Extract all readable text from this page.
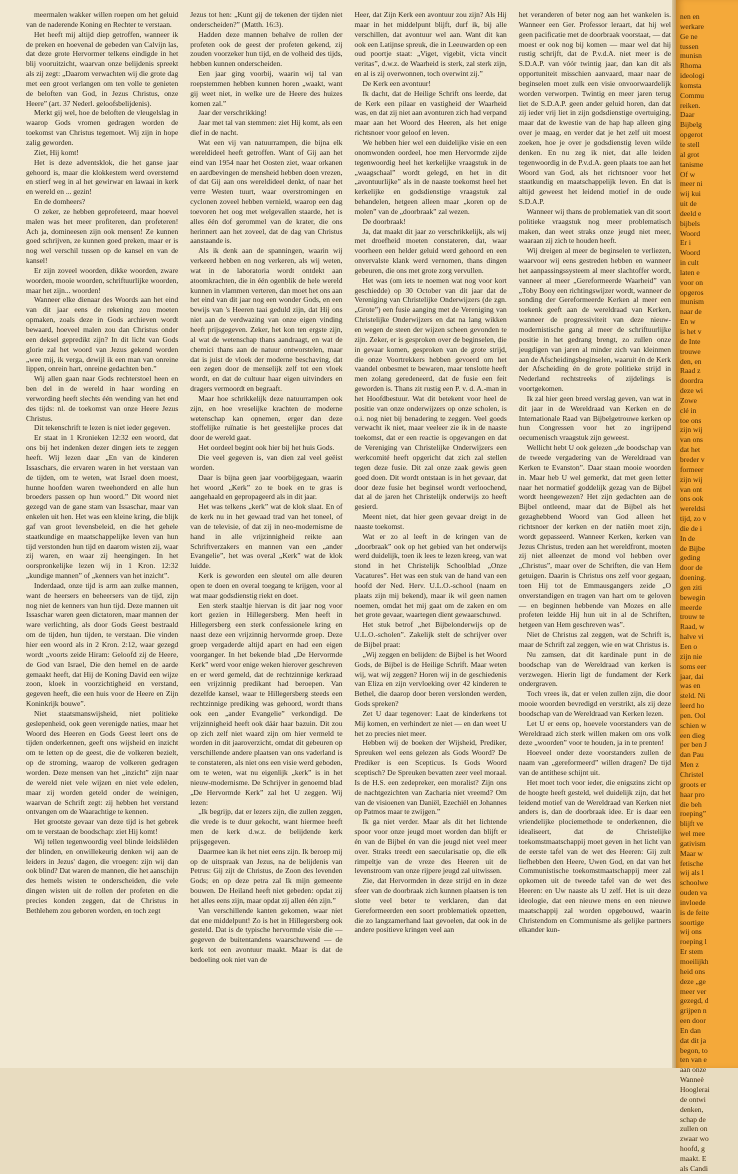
meermalen wakker willen roepen om het geluid van de naderende Koning en Rechter te verstaan.

Het heeft mij altijd diep getroffen, wanneer ik de preken en hoevenal de gebeden van Calvijn las, dat deze grote Hervormer telkens eindigde in het blij vooruitzicht, waarvan onze belijdenis spreekt als zij zegt: „Daarom verwachten wij die grote dag met een groot verlangen om ten volle te genieten de beloften van God, in Jezus Christus, onze Heere” (art. 37 Nederl. geloofsbelijdenis).

Merkt gij wel, hoe de beloften de vleugelslag in waarop Gods vromen gedragen worden de toekomst van Christus tegemoet. Wij zijn in hope zalig geworden.

Ziet, Hij komt!

Het is deze adventsklok, die het ganse jaar gehoord is, maar die klokkestem werd overstemd en stierf weg in al het gewirwar en lawaai in kerk en wereld en ... gezin!

En de domheers?

O zeker, ze hebben geprofeteerd, maar hoevel malen was het meer profiteren, dan profeteren! Ach ja, domineesen zijn ook mensen! Ze kunnen goed schrijven, ze kunnen goed preken, maar er is nog wel verschil tussen op de kansel en van de kansel!

Er zijn zoveel woorden, dikke woorden, zware woorden, mooie woorden, schriftuurlijke woorden, maar het zijn... woorden!

Wanneer elke dienaar des Woords aan het eind van dit jaar eens de rekening zou moeten opmaken, zoals deze in Gods archieven wordt bewaard, hoeveel malen zou dan Christus onder een deksel gepredikt zijn? In dit licht van Gods glorie zal het woord van Jezus gekend worden „wee mij, ik verga, dewijl ik een man van onreine lippen, onrein hart, onreine gedachten ben.”

Wij allen gaan naar Gods rechterstoel heen en ben del in de wereld in haar wording en verwording heeft slechts één wending van het end des tijds: nl. de toekomst van onze Heere Jezus Christus.

Dit tekenschrift te lezen is niet ieder gegeven.

Er staat in 1 Kronieken 12:32 een woord, dat ons bij het indenken dezer dingen iets te zeggen heeft. Wij lezen daar „En van de kinderen Issaschars, die ervaren waren in het verstaan van de tijden, om te weten, wat Israel doen moest, hunne hoofden waren tweehonderd en alle hun broeders passen op hun woord.” Dit woord niet gezegd van de gane stam van Issaschar, maar van enkelen uit hen. Het was een kleine kring, die blijk gaf van groot levensbeleid, en die het gehele staatkundige en maatschappelijke leven van hun tijd verstonden hun tijd en daarom wisten zij, waar zij waren, en waar zij heengingen. In het oorspronkelijke lezen wij in 1 Kron. 12:32 „kundige mannen” of „kenners van het inzicht”.

Inderdaad, onze tijd is arm aan zulke mannen, want de heersers en beheersers van de tijd, zijn nog niet de kenners van hun tijd. Deze mannen uit Issaschar waren geen dictatoren, maar mannen der ware verlichting, als door Gods Geest bestraald om de tijden, hun tijden, te verstaan. Die vinden hier een woord als in 2 Kron. 2:12, waar gezegd wordt „voorts zeide Hiram: Geloofd zij de Heere, de God van Israel, Die den hemel en de aarde gemaakt heeft, dat Hij de Koning David een wijze zoon, kloek in voorzichtigheid en verstand, gegeven heeft, die een huis voor de Heere en Zijn Koninkrijk bouwe”.

Niet staatsmanswijsheid, niet politieke geslepenheid, ook geen verenigde naties, maar het Woord des Heeren en Gods Geest leert ons de tijden onderkennen, geeft ons wijsheid en inzicht om te letten op de geest, die de volkeren bezielt, op de stroming, waarop de volkeren gedragen worden. Deze mensen van het „inzicht” zijn naar de wereld niet vele wijzen en niet vele edelen, maar zij worden geteld onder de weinigen, waarvan de Schrift zegt: zij hebben het verstand ontvangen om de Waarachtige te kennen.

Het grootste gevaar van deze tijd is het gebrek om te verstaan de boodschap: ziet Hij komt!

Wij tellen tegenwoordig veel blinde leidsliëden der blinden, en onwillekeurig denken wij aan de leiders in Jezus' dagen, die vroegen: zijn wij dan ook blind? Dat waren de mannen, die het aanschijn des hemels wisten te onderscheiden, die vele dingen wisten uit de rollen der profeten en die precies konden zeggen, dat de Christus in Bethlehem zou geboren worden, en toch zegt

Jezus tot hen: „Kunt gij de tekenen der tijden niet onderscheiden?” (Matth. 16:3).

Hadden deze mannen behalve de rollen der profeten ook de geest der profeten gekend, zij zouden voorzeker hun tijd, en de volheid des tijds, hebben kunnen onderscheiden.

Een jaar ging voorbij, waarin wij tal van roepstemmen hebben kunnen horen „waakt, want gij weet niet, in welke ure de Heere des huizes komen zal.”

Jaar der verschrikking!

Jaar met tal van stemmen: ziet Hij komt, als een dief in de nacht.

Wat een vij van natuurrampen, die bijna elk wereldideel heeft getroffen. Want of Gij aan het eind van 1954 naar het Oosten ziet, waar orkanen en aardbevingen de mensheid hebben doen vrezen, of dat Gij aan ons wereldideel denkt, of naar het verre Westen tuurt, waar overstromingen en cyclonen zoveel hebben vernield, waarop een dag toevoren het oog met welgevallen staarde, het is alles één dof gerommel van de krater, die ons herinnert aan het zoveel, dat de dag van Christus aanstaande is.

Als ik denk aan de spanningen, waarin wij verkeerd hebben en nog verkeren, als wij weten, wat in de laboratoria wordt ontdekt aan atoomkrachten, die in één ogenblik de hele wereld kunnen in vlammen verteren, dan moet het ons aan het eind van dit jaar nog een wonder Gods, en een bewijs van 's Heeren taai geduld zijn, dat Hij ons niet aan de verdwazing van onze eigen vinding heeft prijsgegeven. Zeker, het kon ten ergste zijn, al wat de wetenschap thans aandraagt, en wat de chemici thans aan de natuur ontworstelen, maar dat is juist de vloek der moderne beschaving, dat een zegen door de menselijk zelf tot een vloek wordt, en dat de cultuur haar eigen uitvinders en dragers vermoordt en begraaft.

Maar hoe schrikkelijk deze natuurrampen ook zijn, en hoe vreselijke krachten de moderne wetenschap kan opnemen, erger dan deze stoffelijke ruïnatie is het geestelijke proces dat door de wereld gaat.

Het oordeel begint ook hier bij het huis Gods.

Die veel gegeven is, van dien zal veel geëist worden.

Daar is bijna geen jaar voorbijgegaan, waarin het woord „Kerk” zo te boek en te gras is aangehaald en gepropageerd als in dit jaar.

Het was telkens „kerk” wat de klok slaat. En of de kerk nu in het gewaad trad van het toneel, of van de televisie, of dat zij in neo-modernisme de hand in alle vrijzinnigheid reikte aan Schriftverzakers en mannen van een „ander Evangelie”, het was overal „Kerk” wat de klok luidde.

Kerk is geworden een sleutel om alle deuren open te doen en overal toegang te krijgen, voor al wat maar godsdienstig riekt en doet.

Een sterk staaltje hiervan is dit jaar nog voor kort gezien in Hillegersberg. Men heeft in Hillegersberg een sterk confessionele kring en naast deze een vrijzinnig hervormde groep. Deze groep vergaderde altijd apart en had een eigen voorganger. In het bekende blad „De Hervormde Kerk” werd voor enige weken hierover geschreven en er werd gemeld, dat de rechtzinnige kerkraad een vrijzinnig predikant had beroepen. Van dezelfde kansel, waar te Hillegersberg steeds een rechtzinnige prediking was gehoord, wordt thans ook een „ander Evangelie” verkondigd. De vrijzinnigheid heeft ook dáár haar bazuin. Dit zou op zich zelf niet waard zijn om hier vermeld te worden in dit jaaroverzicht, omdat dit gebeuren op verschillende andere plaatsen van ons vaderland is te constateren, als niet ons een visie werd geboden, om te weten, wat nu eigenlijk „kerk” is in het nieuw-modernisme. De Schrijver in genoemd blad „De Hervormde Kerk” zal het U zeggen. Wij lezen:

„Ik begrijp, dat er lezers zijn, die zullen zeggen, die vrede is te duur gekocht, want hiermee heeft men de kerk d.w.z. de belijdende kerk prijsgegeven.

Daarmee kan ik het niet eens zijn. Ik beroep mij op de uitspraak van Jezus, na de belijdenis van Petrus: Gij zijt de Christus, de Zoon des levenden Gods; en op deze petra zal Ik mijn gemeente bouwen. De Heiland heeft niet gebeden: opdat zij het alles eens zijn, maar opdat zij allen één zijn.”

Van verschillende kanten gekomen, waar niet dat ene middelpunt! Zo is het in Hillegersberg ook gesteld. Dat is de typische hervormde visie die — gegeven de buitentandens waarschuwend — de kerk tot een avontuur maakt. Maar is dat de bedoeling ook niet van de

Heer, dat Zijn Kerk een avontuur zou zijn? Als Hij maar in het middelpunt blijft, durf ik, bij alle verschillen, dat avontuur wel aan. Want dit kan ook een Latijnse spreuk, die in Leeuwarden op een oud poortje staat: „Viget, vigebit, victa vincit veritas”, d.w.z. de Waarheid is sterk, zal sterk zijn, en al is zij overwonnen, toch overwint zij.”

De Kerk een avontuur!

Ik dacht, dat de Heilige Schrift ons leerde, dat de Kerk een pilaar en vastigheid der Waarheid was, en dat zij niet aan avonturen zich had verpand maar aan het Woord des Heeren, als het enige richtsnoer voor geloof en leven.

We hebben hier wel een duidelijke visie en een onomwonden oordeel, hoe men Hervormde zijde tegenwoordig heel het kerkelijke vraagstuk in de „waagschaal” wordt gelegd, en het in dit „avontuurlijke” als in de naaste toekomst heel het kerkelijke en godsdienstige vraagstuk zal behandelen, hetgeen alleen maar „koren op de molen” van de „doorbraak” zal wezen.

De doorbraak!

Ja, dat maakt dit jaar zo verschrikkelijk, als wij met droefheid moeten constateren, dat, waar voorheen een helder geluid werd gehoord en een onvervalste klank werd vernomen, thans dingen gebeuren, die ons met grote zorg vervullen.

Het was (om iets te noemen wat nog voor kort geschiedde) op 30 October van dit jaar dat de Vereniging van Christelijke Onderwijzers (de zgn. „Grote”) een fusie aanging met de Vereniging van Christelijke Onderwijzers en dat na lang wikken en wegen de steen der wijzen scheen gevonden te zijn. Zeker, er is gesproken over de beginselen, die in gevaar komen, gesproken van de grote strijd, die onze Voortrekkers hebben gevoerd om het vaandel onbesmet te bewaren, maar tenslotte heeft men zolang geredeneerd, dat de fusie een feit geworden is. Thans zit rustig een P. v. d. A.-man in het Hoofdbestuur. Wat dit betekent voor heel de positie van onze onderwijzers op onze scholen, is o.i. nog niet bij benadering te zeggen. Veel goeds verwacht ik niet, maar veeleer zie ik in de naaste toekomst, dat er een reactie is opgevangen en dat de Vereniging van Christelijke Onderwijzers een werkcomité heeft opgericht dat zich zal stellen tegen deze fusie. Dit zal onze zaak gewis geen goed doen. Dit wordt ontstaan is in het gevaar, dat door deze fusie het beginsel wordt verloochend, dat al de jaren het Christelijk onderwijs zo heeft gesierd.

Meent niet, dat hier geen gevaar dreigt in de naaste toekomst.

Wat er zo al leeft in de kringen van de „doorbraak” ook op het gebied van het onderwijs werd duidelijk, toen ik lees te lezen kreeg, van wat stond in het Christelijk Schoolblad „Onze Vacatures”. Het was een stuk van de hand van een hoofd der Ned. Herv. U.L.O.-school (naam en plaats zijn mij bekend), maar ik wil geen namen noemen, omdat het mij gaat om de zaken en om het grote gevaar, waartegen dient gewaarschuwd.

Het stuk betrof „het Bijbelonderwijs op de U.L.O.-scholen”. Zakelijk stelt de schrijver over de Bijbel praat:

„Wij zeggen en belijden: de Bijbel is het Woord Gods, de Bijbel is de Heilige Schrift. Maar weten wij, wat wij zeggen? Horen wij in de geschiedenis van Eliza en zijn vervloeking over 42 kinderen te Bethel, die daarop door beren verslonden werden, Gods spreken?

Zet U daar tegenover: Laat de kinderkens tot Mij komen, en verhindert ze niet — en dan weet U het zo precies niet meer.

Hebben wij de boeken der Wijsheid, Prediker, Spreuken wel eens gelezen als Gods Woord? De Prediker is een Scepticus. Is Gods Woord sceptisch? De Spreuken bevatten zeer veel moraal. Is de H.S. een zedepreker, een moralist? Zijn ons de nachtgezichten van Zacharia niet vreemd? Om van de visioenen van Daniël, Ezechiël en Johannes op Patmos maar te zwijgen.”

Ik ga niet verder. Maar als dit het lichtende spoor voor onze jeugd moet worden dan blijft er én van de Bijbel én van die jeugd niet veel meer over. Straks treedt een saecularisatie op, die elk rimpeltje van de vreze des Heeren uit de levenstroom van onze rijpere jeugd zal uitwissen.

Zie, dat Hervormden in deze strijd en in deze sfeer van de doorbraak zich kunnen plaatsen is ten slotte veel beter te verklaren, dan dat Gereformeerden een soort problematiek opzetten, die zo langzamerhand laat gevoelen, dat ook in de andere positieve kringen veel aan

het veranderen of beter nog aan het wankelen is. Wanneer een Ger. Professor leraart, dat hij wel geen pacificatie met de doorbraak voorstaat, — dat moest er ook nog bij komen — maar wel dat hij rustig schrijft, dat de P.v.d.A. niet meer is de S.D.A.P. van vóór twintig jaar, dan kan dit als opportuniteit misschien aanvaard, maar naar de beginselen moet zulk een visie onvoorwaardelijk worden verworpen. Twintig en meer jaren terug liet de S.D.A.P. geen ander geluid horen, dan dat zij ieder vrij liet in zijn godsdienstige overtuiging, maar dat de kwestie van de hap hap alleen ging over je maag, en verder dat je het zelf uit moest zoeken, hoe je over je godsdienstig leven wilde denken. En nu zeg ik niet, dat alle leiden tegenwoordig in de P.v.d.A. geen plaats toe aan het Woord van God, als het richtsnoer voor het staatkundig en maatschappelijk leven. En dat is altijd geweest het leidend motief in de oude S.D.A.P.

Wanneer wij thans de problematiek van dit soort politieke vraagstuk nog meer problematisch maken, dan weet straks onze jeugd niet meer, waaraan zij zich te houden heeft.

Wij dreigen al meer de beginselen te verliezen, waarvoor wij eens gestreden hebben en wanneer het aanpassingssysteem al meer slachtoffer wordt, vanneer al meer „Gereformeerde Waarheid” van „Toby Booy een richtingswijzer wordt, wanneer de sonding der Gereformeerde Kerken al meer een toekenk geeft aan de wereldraad van Kerken, wanneer de progressiviteit van deze nieuw-modernistische gang al meer de schriftuurlijke positie in het gedrang brengt, zo zullen onze jeugdigen van jaren al minder zich van kleinmen aan de Afscheidingsbeginselen, waaruit én de Kerk der Afscheiding én de grote politieke strijd in Nederland rechtstreeks of zijdelings is voortgekomen.

Ik zal hier geen breed verslag geven, van wat in dit jaar in de Wereldraad van Kerken en de Internationale Raad van Bijbelgetrouwe kerken op hun Congressen voor het zo ingrijpend oecumenisch vraagstuk zijn geweest.

Wellicht hebt U ook gelezen „de boodschap van de tweede vergadering van de Wereldraad van Kerken te Evanston”. Daar staan mooie woorden in. Maar heb U wel gemerkt, dat met geen letter naar het normatief goddelijk gezag van de Bijbel wordt heengewezen? Het zijn gedachten aan de Bijbel ontleend, maar dat de Bijbel als het gezaghebbend Woord van God alleen het richtsnoer der kerken en der natiën moet zijn, wordt gepasseerd. Wanneer Kerken, kerken van Jezus Christus, treden aan het wereldfront, moeten zij niet alleenzet de mond vol hebben over „Christus”, maar over de Schriften, die van Hem getuigen. Daarin is Christus ons zelf voor gegaan, toen Hij tot de Emmausgangers zeide „O onverstandigen en tragen van hart om te geloven — en beginnen hebbende van Mozes en alle profeten leidde Hij hun uit in al de Schriften, hetgeen van Hem geschreven was”.

Niet de Christus zal zeggen, wat de Schrift is, maar de Schrift zal zeggen, wie en wat Christus is.

Nu zamsen, dat dit kardinale punt in de boodschap van de Wereldraad van kerken is verzwegen. Hierin ligt de fundament der Kerk ondergraven.

Toch vrees ik, dat er velen zullen zijn, die door mooie woorden bevredigd en verstrikt, als zij deze boodschap van de Wereldraad van Kerken lezen.

Let U er eens op, hoevele voorstanders van de Wereldraad zich sterk willen maken om ons volk deze „woorden” voor te houden, ja in te prenten!

Hoeveel onder deze voorstanders zullen de naam van „gereformeerd” willen dragen? De tijd van de antithese schijnt uit.

Het moet toch voor ieder, die enigszins zicht op de hoogte heeft gesteld, wel duidelijk zijn, dat het leidend motief van de Wereldraad van Kerken niet anders is, dan de doorbraak idee. Er is daar een vriendelijke plociemethode te onderkennen, die idealiseert, dat de Christelijke toekomstmaatschappij moet geven in het licht van de eerste tafel van de wet des Heeren: Gij zult liefhebben den Heere, Uwen God, en dat van het Communistische toekomstmaatschappij meer zal opkomen uit de tweede tafel van de wet des Heeren: en Uw naaste als U zelf. Het is uit deze ideologie, dat een nieuwe mens en een nieuwe maatschappij zal worden opgebouwd, waarin Christendom en Communisme als gelijke partners elkander kun-

nen en
werkare
Ge ne
tussen
munisn
Rhoma
ideologi
komsta
Commu
reiken.
Daar
Bijbelg
opgerot
te stell
al grot
tanisme
Of w
meer ni
wij kui
uit de
deeld e
bijbels
Woord
Er i
Woord
in cult
laten e
voor on
opgeros
munism
naar de
En w
is het v
de Inte
trouwe
den, en
Raad z
doordra
deze wi
Zowe
clé in
toe ons
zijn wij
van ons
dat het
breder v
formeer
zijn wij
van ont
ons ook
wereldsi
tijd, zo v
die de i
In de
de Bijbe
geding
door de
doening.
gen ziti
bewegin
meerde
trouw te
Raad, w
halve vi
Een o
zijn nie
soms eer
jaar, dai
was en
steld. Ni
leerd ho
pen. Ool
schien w
een dieg
per ben J
dan Pau
Men z
Christel
groots er
haar pro
die beh
roeping”
blijft ve
wel mee
gativism
Maar w
fetische
wij als l
schoolwe
ouden va
invloede
is de feite
soortige
wij ons
roeping l
Er stem
moeilijkh
heid ons
deze „ge
meer ver
gezegd, d
grijpen n
een door
En dan
dat dit ja
begon, to
ten van e
aan onze
Wanneè
Hooglerai
de ontwi
denken,
schap de
zullen on
zwaar wo
hoofd, g
maakt. E
als Candi
